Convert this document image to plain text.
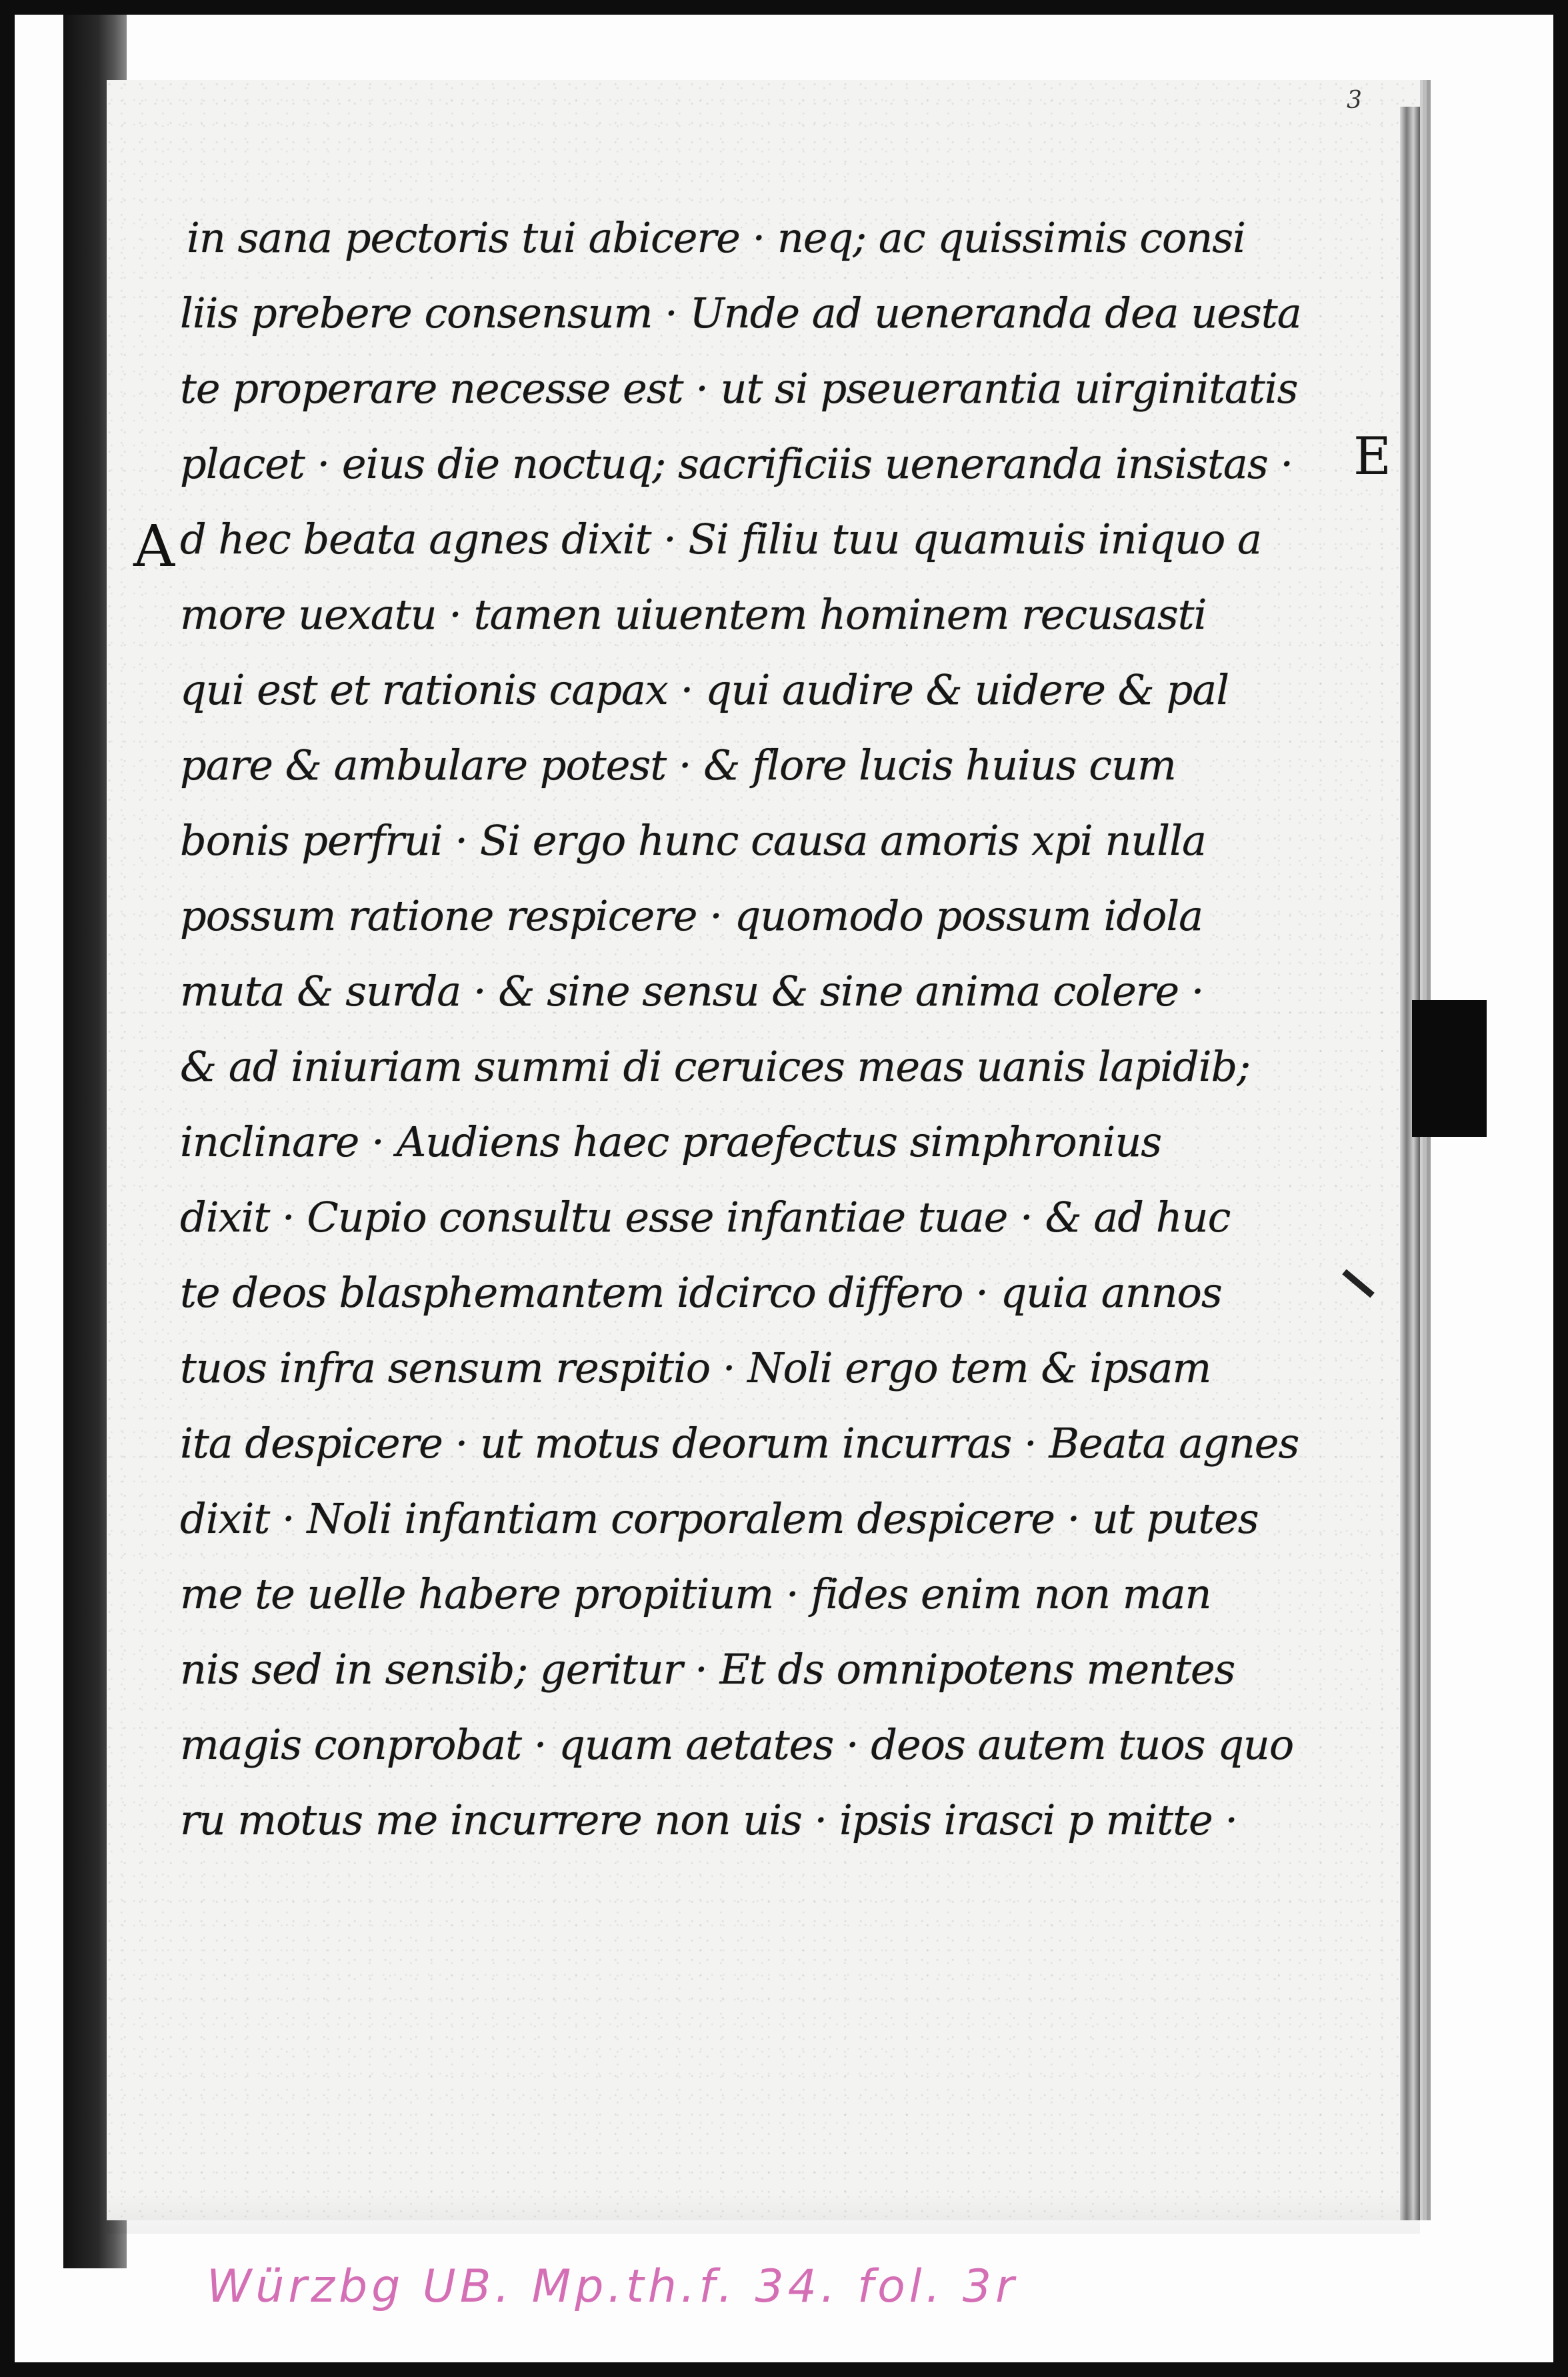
3
E
A
in sana pectoris tui abicere · neq; ac quissimis consi
liis prebere consensum · Unde ad ueneranda dea uesta
te properare necesse est · ut si pseuerantia uirginitatis
placet · eius die noctuq; sacrificiis ueneranda insistas ·
d hec beata agnes dixit · Si filiu tuu quamuis iniquo a
more uexatu · tamen uiuentem hominem recusasti
qui est et rationis capax · qui audire & uidere & pal
pare & ambulare potest · & flore lucis huius cum
bonis perfrui · Si ergo hunc causa amoris xpi nulla
possum ratione respicere · quomodo possum idola
muta & surda · & sine sensu & sine anima colere ·
& ad iniuriam summi di ceruices meas uanis lapidib;
inclinare · Audiens haec praefectus simphronius
dixit · Cupio consultu esse infantiae tuae · & ad huc
te deos blasphemantem idcirco differo · quia annos
tuos infra sensum respitio · Noli ergo tem & ipsam
ita despicere · ut motus deorum incurras · Beata agnes
dixit · Noli infantiam corporalem despicere · ut putes
me te uelle habere propitium · fides enim non man
nis sed in sensib; geritur · Et ds omnipotens mentes
magis conprobat · quam aetates · deos autem tuos quo
ru motus me incurrere non uis · ipsis irasci p mitte ·
Würzbg UB. Mp.th.f. 34. fol. 3r
